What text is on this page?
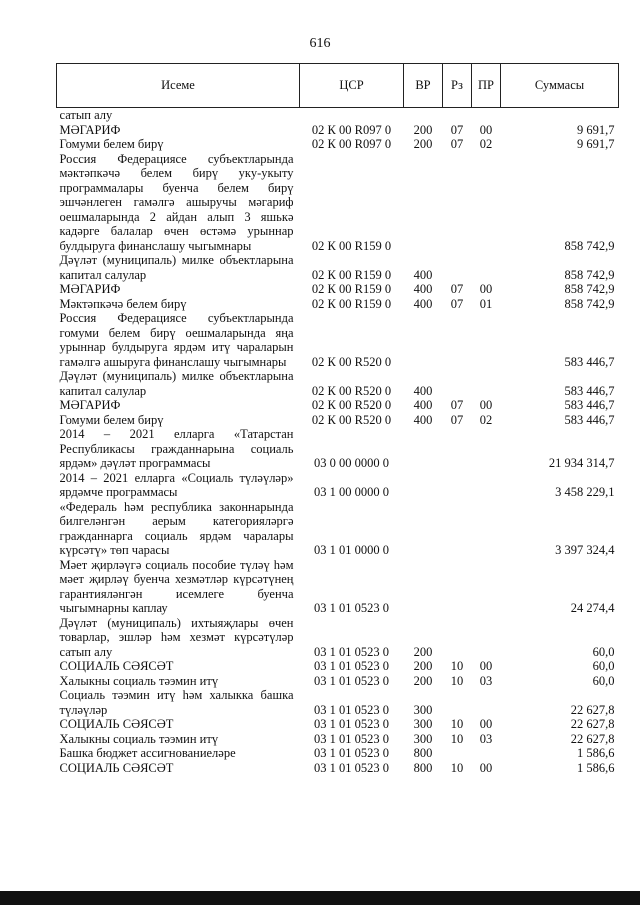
616
Исеме	ЦСР	ВР	Рз	ПР	Суммасы
сатып алу					
МӘГАРИФ	02 К 00 R097 0	200	07	00	9 691,7
Гомуми белем бирү	02 К 00 R097 0	200	07	02	9 691,7
Россия Федерациясе субъектларында мәктәпкәчә белем бирү уку-укыту программалары буенча белем бирү эшчәнлеген гамәлгә ашыручы мәгариф оешмаларында 2 айдан алып 3 яшькә кадәрге балалар өчен өстәмә урыннар булдыруга финанслашу чыгымнары	02 К 00 R159 0				858 742,9
Дәүләт (муниципаль) милке объектларына капитал салулар	02 К 00 R159 0	400			858 742,9
МӘГАРИФ	02 К 00 R159 0	400	07	00	858 742,9
Мәктәпкәчә белем бирү	02 К 00 R159 0	400	07	01	858 742,9
Россия Федерациясе субъектларында гомуми белем бирү оешмаларында яңа урыннар булдыруга ярдәм итү чараларын гамәлгә ашыруга финанслашу чыгымнары	02 К 00 R520 0				583 446,7
Дәүләт (муниципаль) милке объектларына капитал салулар	02 К 00 R520 0	400			583 446,7
МӘГАРИФ	02 К 00 R520 0	400	07	00	583 446,7
Гомуми белем бирү	02 К 00 R520 0	400	07	02	583 446,7
2014 – 2021 елларга «Татарстан Республикасы гражданнарына социаль ярдәм» дәүләт программасы	03 0 00 0000 0				21 934 314,7
2014 – 2021 елларга «Социаль түләүләр» ярдәмче программасы	03 1 00 0000 0				3 458 229,1
«Федераль һәм республика законнарында билгеләнгән аерым категорияләргә гражданнарга социаль ярдәм чаралары күрсәтү» төп чарасы	03 1 01 0000 0				3 397 324,4
Мәет җирләүгә социаль пособие түләү һәм мәет җирләү буенча хезмәтләр күрсәтүнең гарантияләнгән исемлеге буенча чыгымнарны каплау	03 1 01 0523 0				24 274,4
Дәүләт (муниципаль) ихтыяҗлары өчен товарлар, эшләр һәм хезмәт күрсәтүләр сатып алу	03 1 01 0523 0	200			60,0
СОЦИАЛЬ СӘЯСӘТ	03 1 01 0523 0	200	10	00	60,0
Халыкны социаль тәэмин итү	03 1 01 0523 0	200	10	03	60,0
Социаль тәэмин итү һәм халыкка башка түләүләр	03 1 01 0523 0	300			22 627,8
СОЦИАЛЬ СӘЯСӘТ	03 1 01 0523 0	300	10	00	22 627,8
Халыкны социаль тәэмин итү	03 1 01 0523 0	300	10	03	22 627,8
Башка бюджет ассигнованиеләре	03 1 01 0523 0	800			1 586,6
СОЦИАЛЬ СӘЯСӘТ	03 1 01 0523 0	800	10	00	1 586,6
